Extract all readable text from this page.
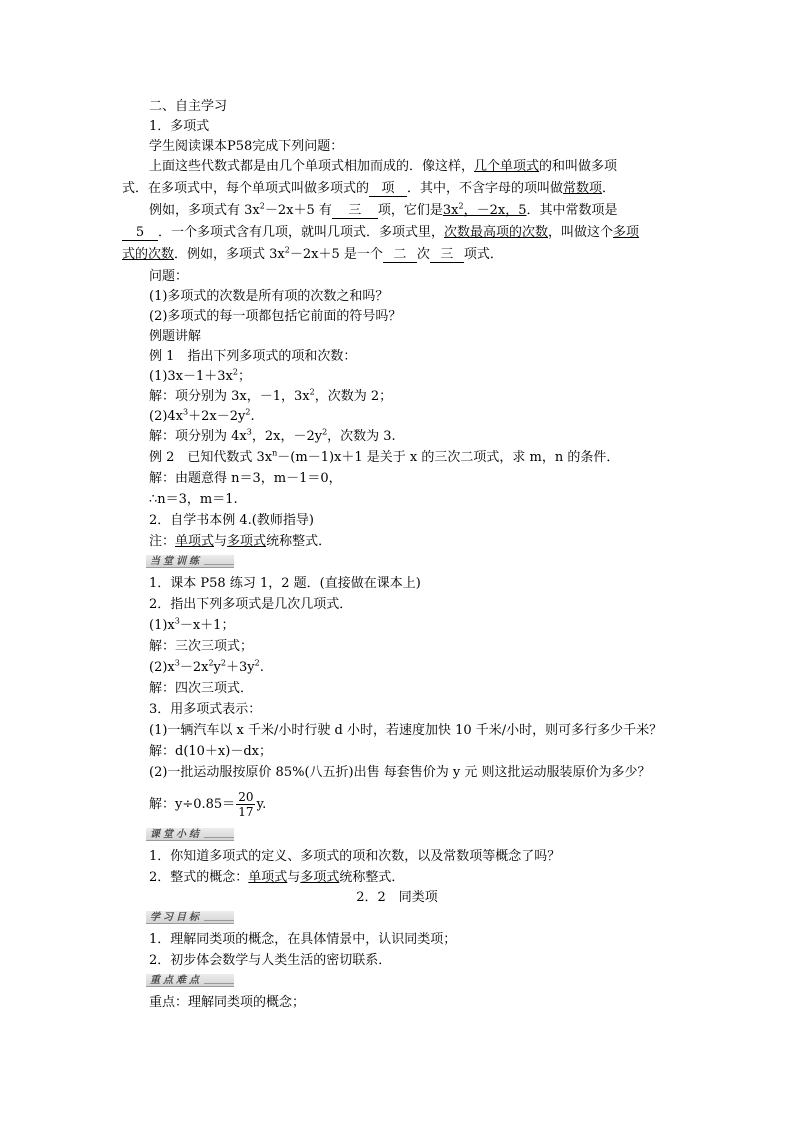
二、自主学习
1．多项式
学生阅读课本P58完成下列问题：
上面这些代数式都是由几个单项式相加而成的．像这样，几个单项式的和叫做多项
式．在多项式中，每个单项式叫做多项式的 项 ．其中，不含字母的项叫做常数项．
例如，多项式有 $3x^2-2x+5$ 有 三 项，它们是$3x^2$，－2x，5．其中常数项是
5 ．一个多项式含有几项，就叫几项式．多项式里，次数最高项的次数，叫做这个多项
式的次数．例如，多项式 $3x^2-2x+5$ 是一个 二 次 三 项式．
问题：
(1)多项式的次数是所有项的次数之和吗？
(2)多项式的每一项都包括它前面的符号吗？
例题讲解
例 1　指出下列多项式的项和次数：
$(1)3x-1+3x^2$；
解：项分别为 3x，－1，$3x^2$，次数为 2；
$(2)4x^3+2x-2y^2$.
解：项分别为 $4x^3$，2x，$-2y^2$，次数为 3.
例 2　已知代数式 $3x^n-(m-1)x+1$ 是关于 x 的三次二项式，求 m，n 的条件．
解：由题意得 n＝3，m－1＝0，
∴n＝3，m＝1.
2．自学书本例 4.(教师指导)
注：单项式与多项式统称整式．
当堂训练
1．课本 P58 练习 1，2 题．(直接做在课本上)
2．指出下列多项式是几次几项式．
$(1)x^3-x+1$；
解：三次三项式；
$(2)x^3-2x^2y^2+3y^2$.
解：四次三项式．
3．用多项式表示：
(1)一辆汽车以 x 千米/小时行驶 d 小时，若速度加快 10 千米/小时，则可多行多少千米？
解：d(10＋x)－dx；
(2)一批运动服按原价 85%(八五折)出售 每套售价为 y 元 则这批运动服装原价为多少？
解：$y\div 0.85= \frac{20}{17} y$.
课堂小结
1．你知道多项式的定义、多项式的项和次数，以及常数项等概念了吗？
2．整式的概念：单项式与多项式统称整式．
2．2　同类项
学习目标
1．理解同类项的概念，在具体情景中，认识同类项；
2．初步体会数学与人类生活的密切联系．
重点难点
重点：理解同类项的概念；
